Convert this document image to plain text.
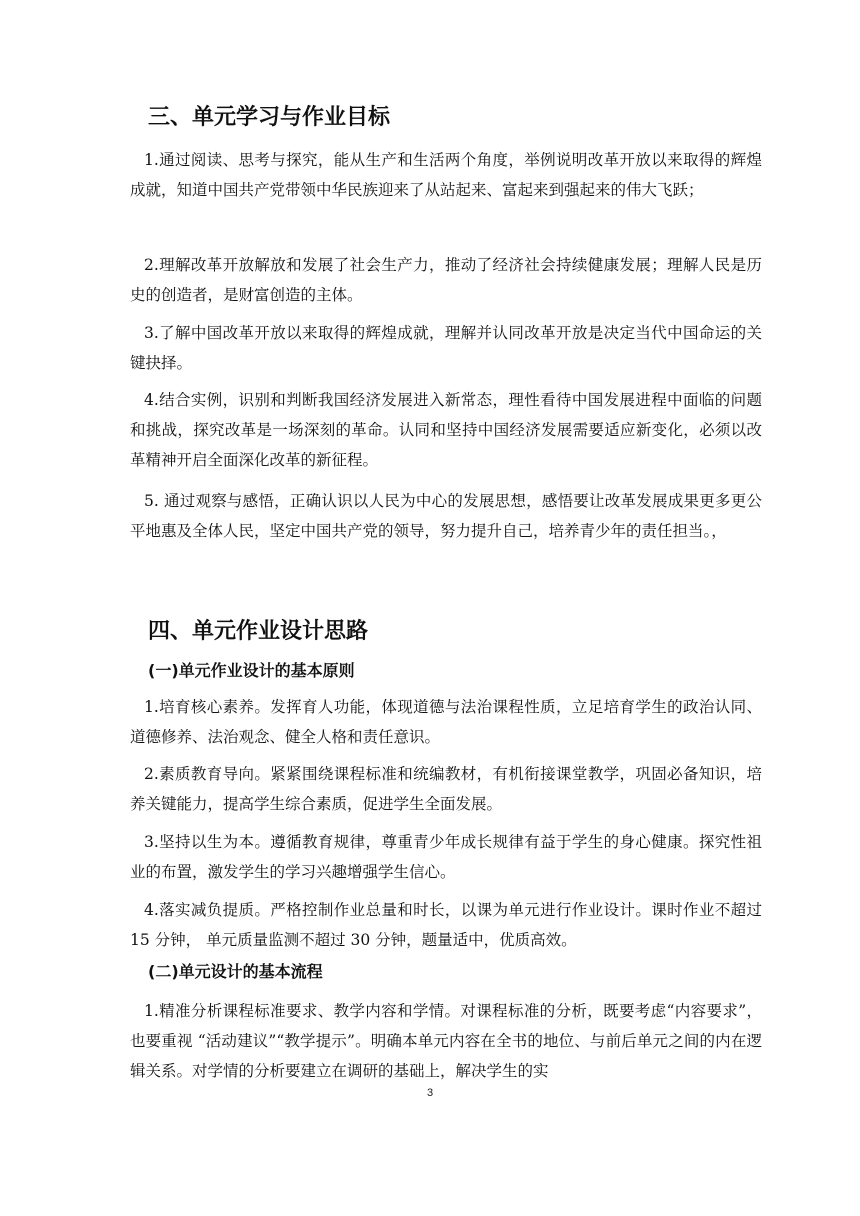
三、单元学习与作业目标

1.通过阅读、思考与探究，能从生产和生活两个角度，举例说明改革开放以来取得的辉煌成就，知道中国共产党带领中华民族迎来了从站起来、富起来到强起来的伟大飞跃；

2.理解改革开放解放和发展了社会生产力，推动了经济社会持续健康发展；理解人民是历史的创造者，是财富创造的主体。

3.了解中国改革开放以来取得的辉煌成就，理解并认同改革开放是决定当代中国命运的关键抉择。

4.结合实例，识别和判断我国经济发展进入新常态，理性看待中国发展进程中面临的问题和挑战，探究改革是一场深刻的革命。认同和坚持中国经济发展需要适应新变化，必须以改革精神开启全面深化改革的新征程。

5. 通过观察与感悟，正确认识以人民为中心的发展思想，感悟要让改革发展成果更多更公平地惠及全体人民，坚定中国共产党的领导，努力提升自己，培养青少年的责任担当。，

四、单元作业设计思路
(一)单元作业设计的基本原则

1.培育核心素养。发挥育人功能，体现道德与法治课程性质，立足培育学生的政治认同、道德修养、法治观念、健全人格和责任意识。

2.素质教育导向。紧紧围绕课程标准和统编教材，有机衔接课堂教学，巩固必备知识，培养关键能力，提高学生综合素质，促进学生全面发展。

3.坚持以生为本。遵循教育规律，尊重青少年成长规律有益于学生的身心健康。探究性祖业的布置，激发学生的学习兴趣增强学生信心。

4.落实减负提质。严格控制作业总量和时长，以课为单元进行作业设计。课时作业不超过 15 分钟， 单元质量监测不超过 30 分钟，题量适中，优质高效。

(二)单元设计的基本流程

1.精准分析课程标准要求、教学内容和学情。对课程标准的分析，既要考虑“内容要求”，也要重视 “活动建议”“教学提示”。明确本单元内容在全书的地位、与前后单元之间的内在逻辑关系。对学情的分析要建立在调研的基础上，解决学生的实

3
